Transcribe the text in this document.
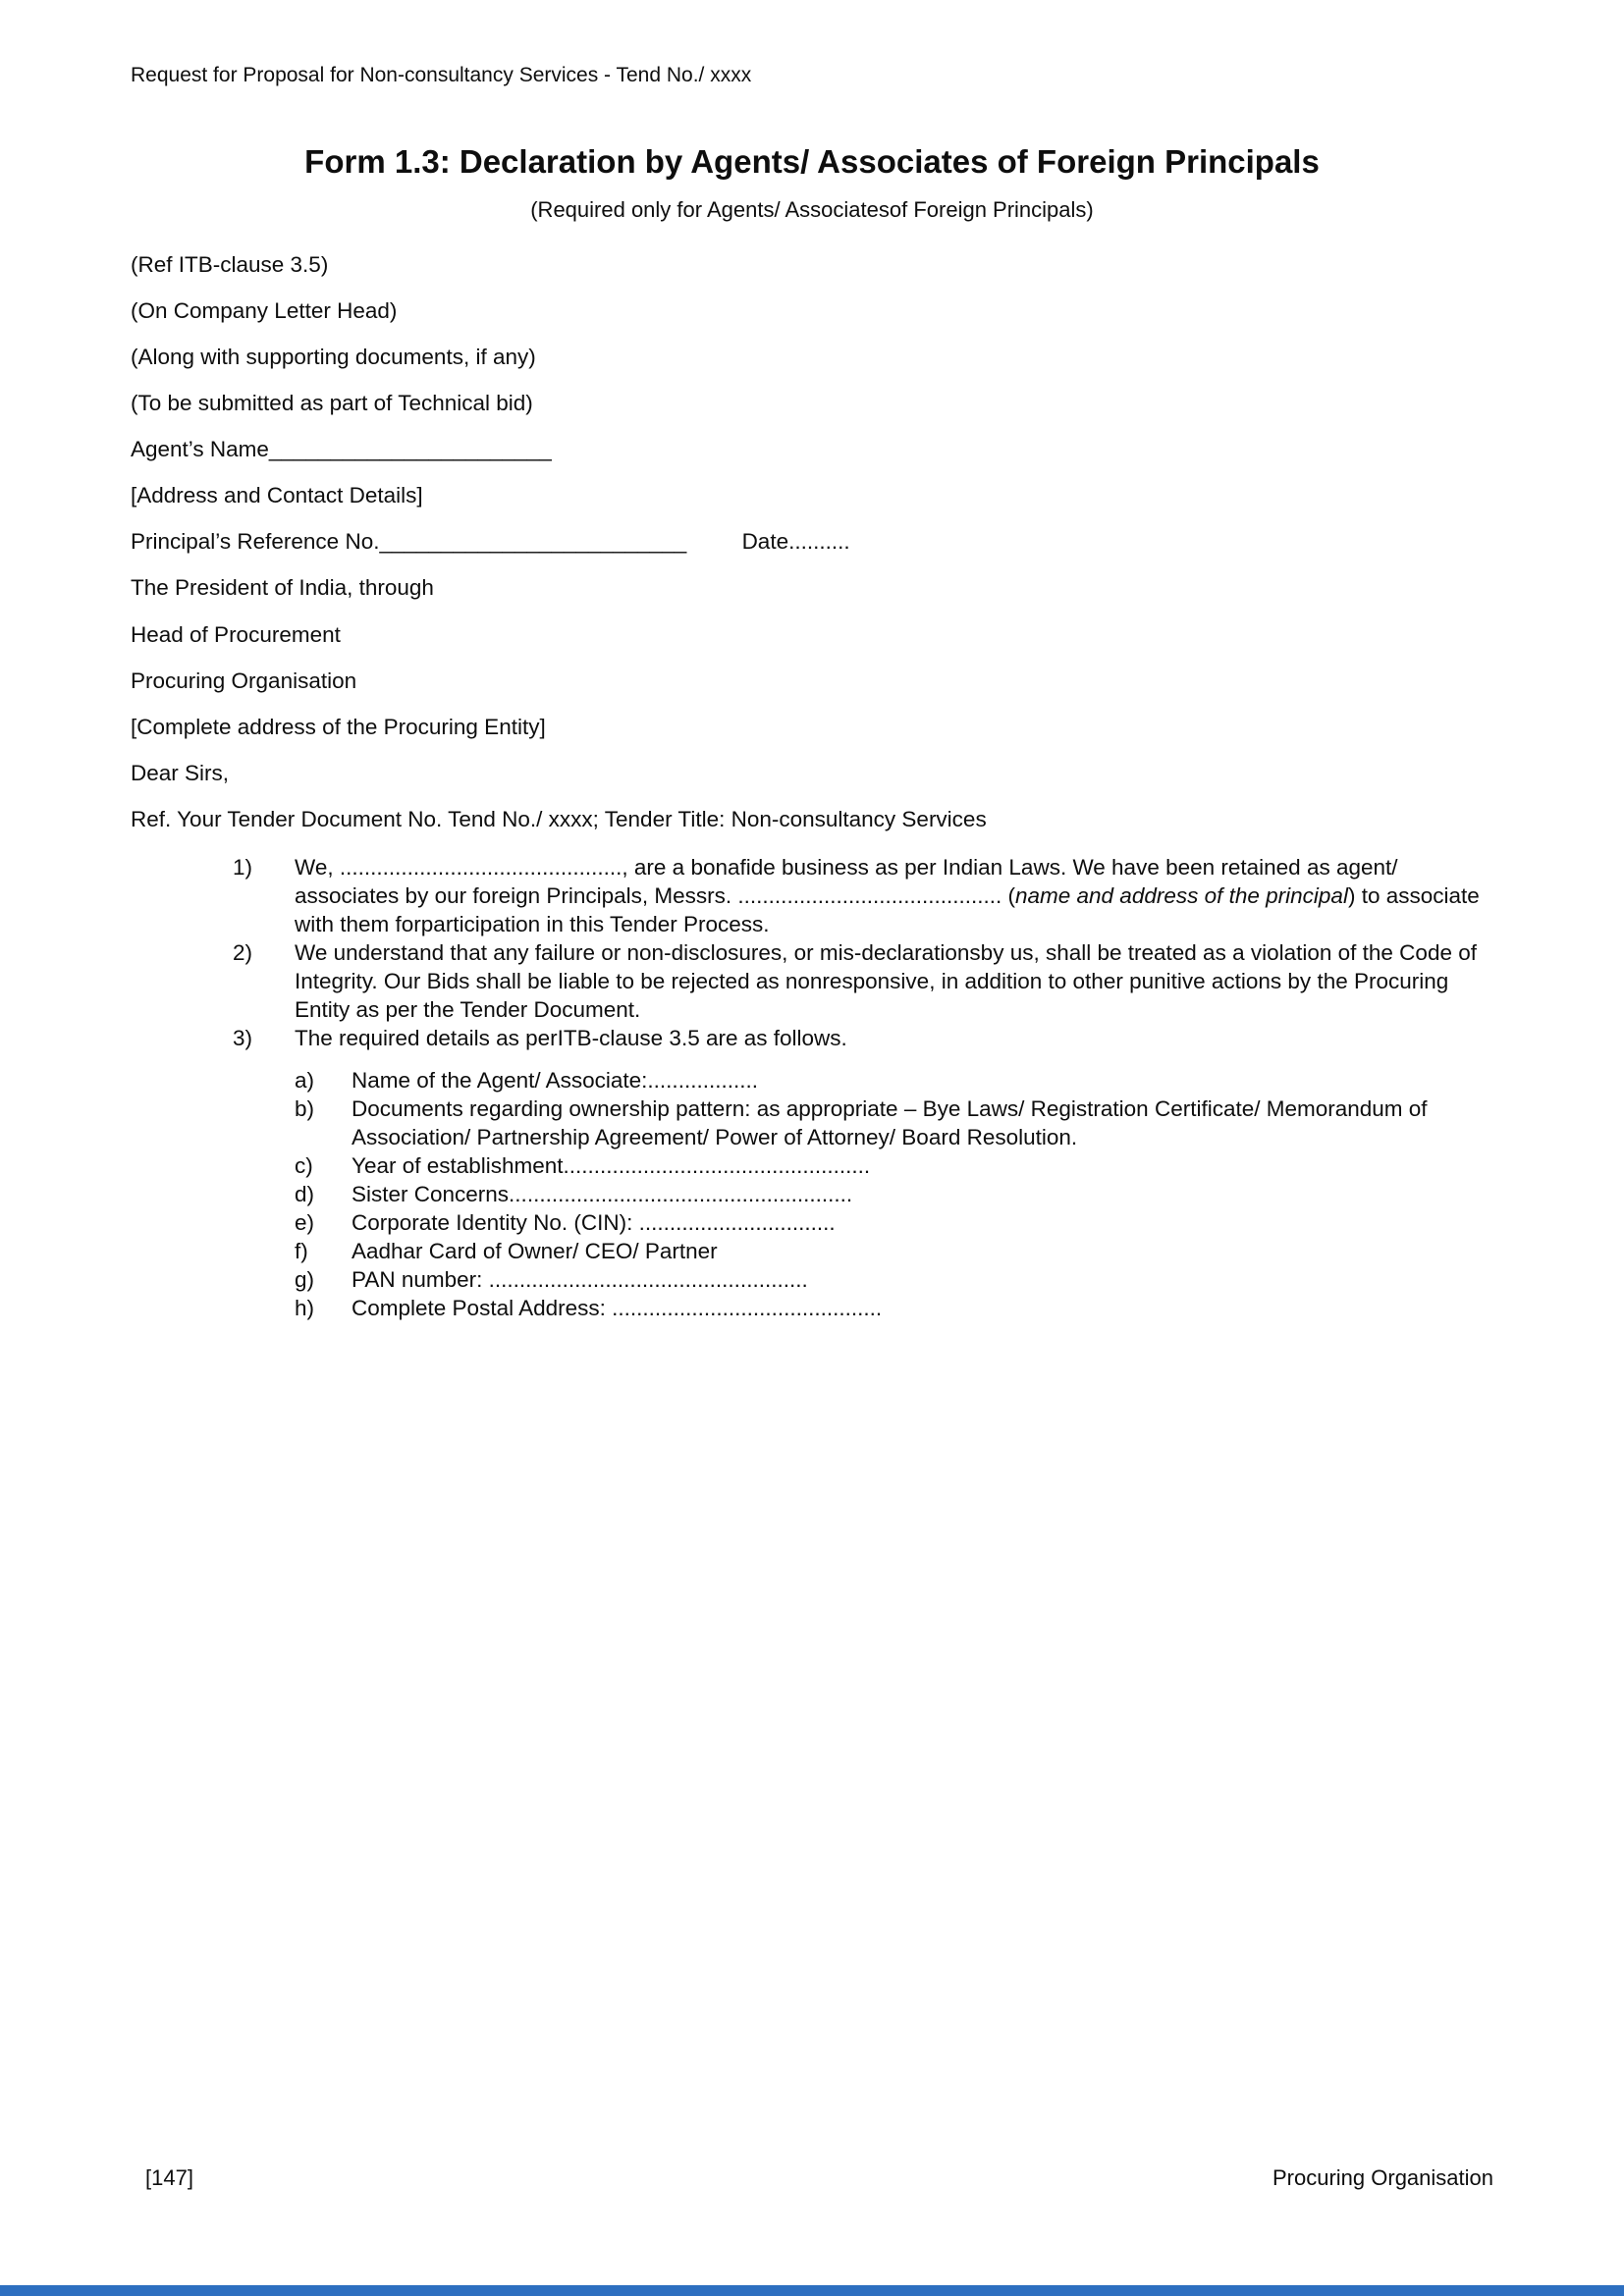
Request for Proposal for Non-consultancy Services - Tend No./ xxxx
Form 1.3: Declaration by Agents/ Associates of Foreign Principals

(Required only for Agents/ Associatesof Foreign Principals)

(Ref ITB-clause 3.5)

(On Company Letter Head)

(Along with supporting documents, if any)

(To be submitted as part of Technical bid)

Agent’s Name_______________________

[Address and Contact Details]

Principal’s Reference No._________________________	Date..........

The President of India, through

Head of Procurement

Procuring Organisation

[Complete address of the Procuring Entity]

Dear Sirs,

Ref. Your Tender Document No. Tend No./ xxxx; Tender Title: Non-consultancy Services

1)	We, .............................................., are a bonafide business as per Indian Laws. We have been retained as agent/ associates by our foreign Principals, Messrs. ........................................... (name and address of the principal) to associate with them forparticipation in this Tender Process.
2)	We understand that any failure or non-disclosures, or mis-declarationsby us, shall be treated as a violation of the Code of Integrity. Our Bids shall be liable to be rejected as nonresponsive, in addition to other punitive actions by the Procuring Entity as per the Tender Document.
3)	The required details as perITB-clause 3.5 are as follows.
a)	Name of the Agent/ Associate:..................
b)	Documents regarding ownership pattern: as appropriate – Bye Laws/ Registration Certificate/ Memorandum of Association/ Partnership Agreement/ Power of Attorney/ Board Resolution.
c)	Year of establishment..................................................
d)	Sister Concerns........................................................
e)	Corporate Identity No. (CIN): ................................
f)	Aadhar Card of Owner/ CEO/ Partner
g)	PAN number: ....................................................
h)	Complete Postal Address: ............................................
[147]	Procuring Organisation
